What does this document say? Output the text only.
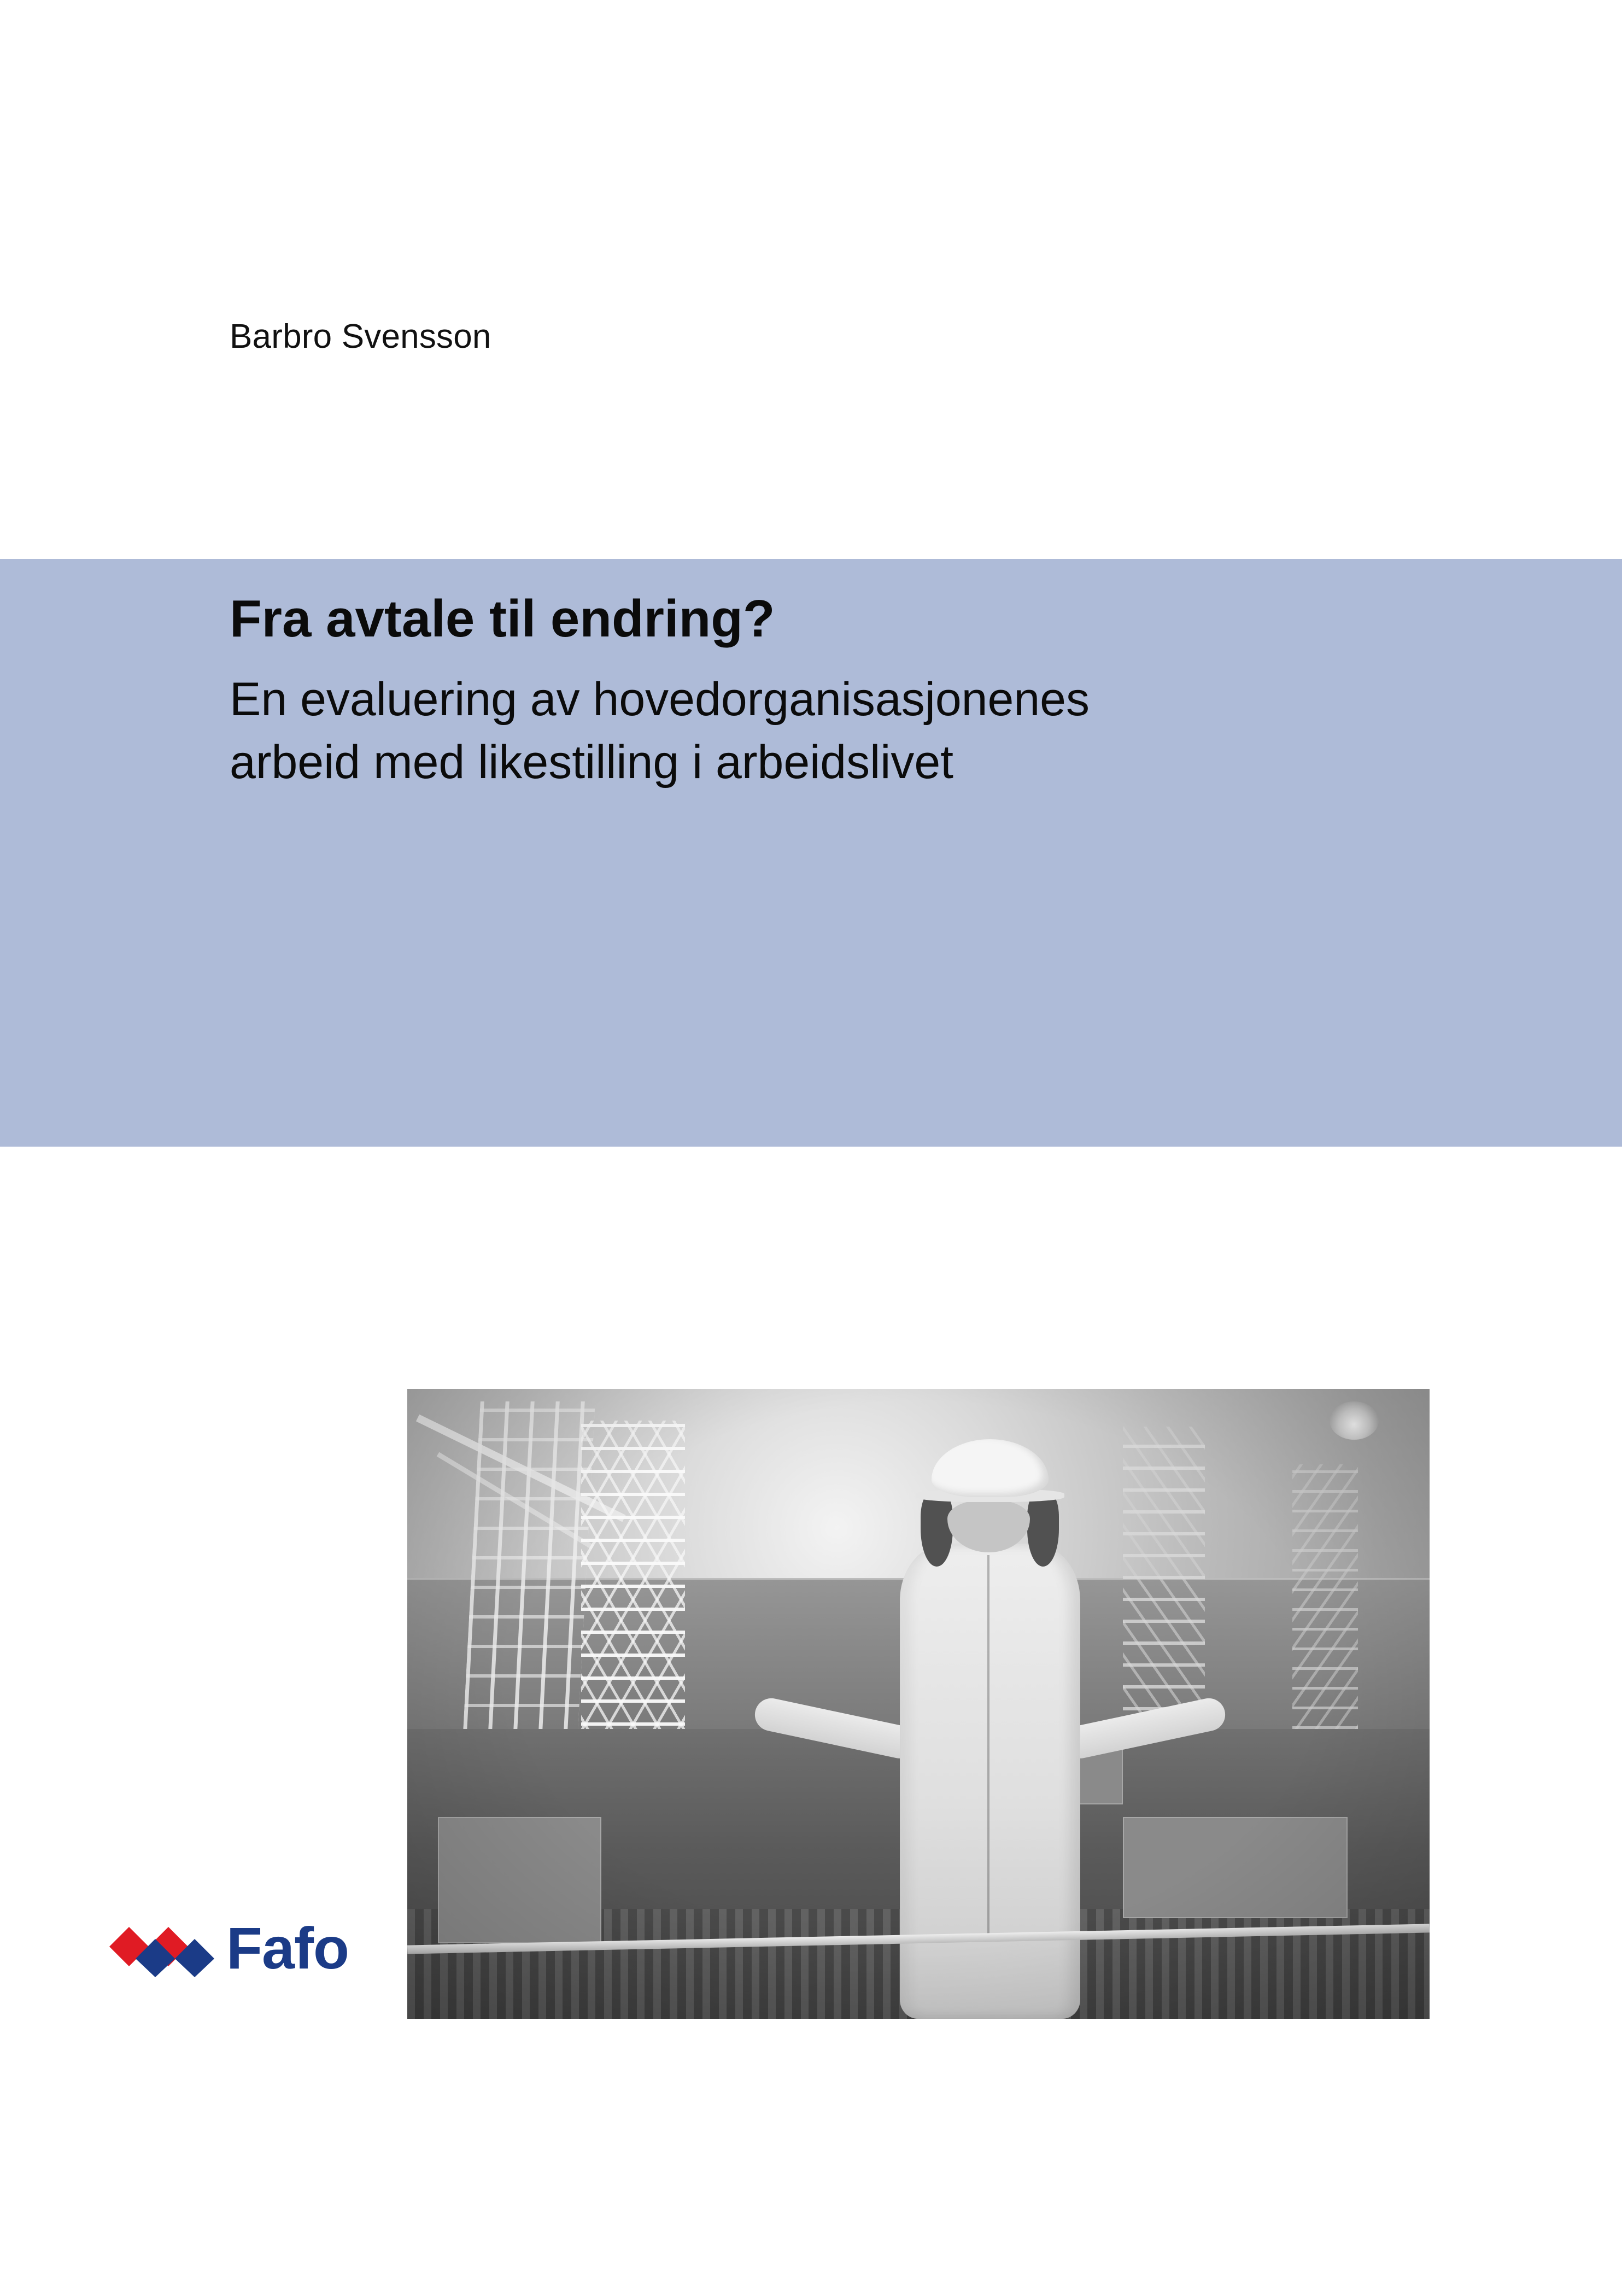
Barbro Svensson
Fra avtale til endring?
En evaluering av hovedorganisasjonenes
arbeid med likestilling i arbeidslivet
Fafo
